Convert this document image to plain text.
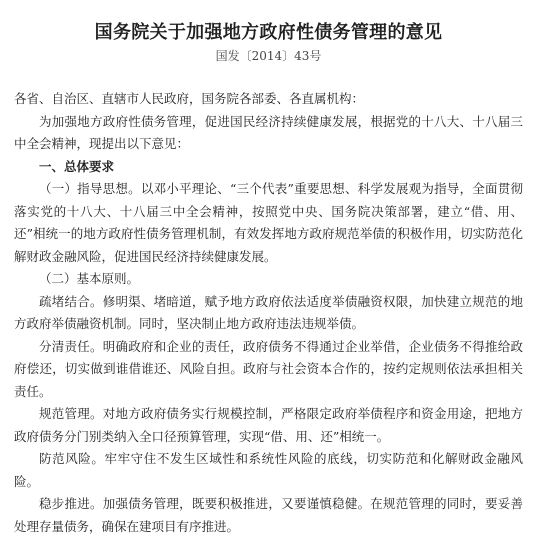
国务院关于加强地方政府性债务管理的意见
国发〔2014〕43号

各省、自治区、直辖市人民政府，国务院各部委、各直属机构：

为加强地方政府性债务管理，促进国民经济持续健康发展，根据党的十八大、十八届三中全会精神，现提出以下意见：

一、总体要求

（一）指导思想。以邓小平理论、“三个代表”重要思想、科学发展观为指导，全面贯彻落实党的十八大、十八届三中全会精神，按照党中央、国务院决策部署，建立“借、用、还”相统一的地方政府性债务管理机制，有效发挥地方政府规范举债的积极作用，切实防范化解财政金融风险，促进国民经济持续健康发展。

（二）基本原则。

疏堵结合。修明渠、堵暗道，赋予地方政府依法适度举债融资权限，加快建立规范的地方政府举债融资机制。同时，坚决制止地方政府违法违规举债。

分清责任。明确政府和企业的责任，政府债务不得通过企业举借，企业债务不得推给政府偿还，切实做到谁借谁还、风险自担。政府与社会资本合作的，按约定规则依法承担相关责任。

规范管理。对地方政府债务实行规模控制，严格限定政府举债程序和资金用途，把地方政府债务分门别类纳入全口径预算管理，实现“借、用、还”相统一。

防范风险。牢牢守住不发生区域性和系统性风险的底线，切实防范和化解财政金融风险。

稳步推进。加强债务管理，既要积极推进，又要谨慎稳健。在规范管理的同时，要妥善处理存量债务，确保在建项目有序推进。
